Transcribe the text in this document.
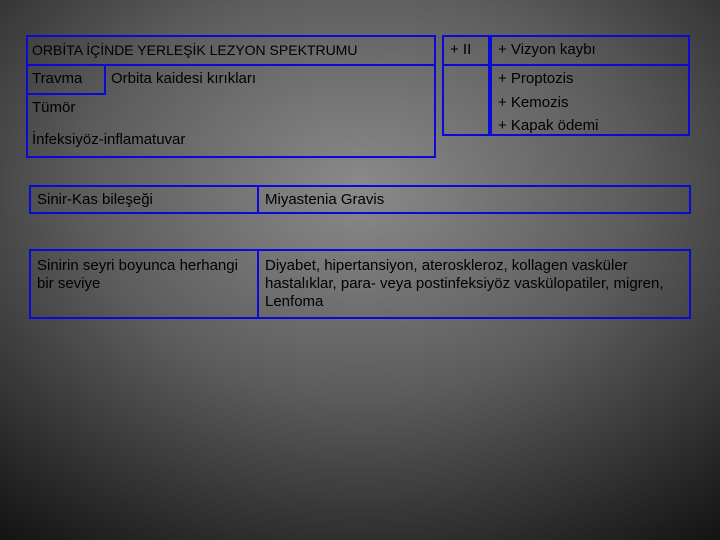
ORBİTA İÇİNDE YERLEŞİK LEZYON SPEKTRUMU
Travma Orbita kaidesi kırıkları
Tümör
İnfeksiyöz-inflamatuvar
+ II + Vizyon kaybı
+ Proptozis
+ Kemozis
+ Kapak ödemi
Sinir-Kas bileşeği	Miyastenia Gravis
Sinirin seyri boyunca herhangi bir seviye
Diyabet, hipertansiyon, ateroskleroz, kollagen vasküler hastalıklar, para- veya postinfeksiyöz vaskülopatiler, migren, Lenfoma
